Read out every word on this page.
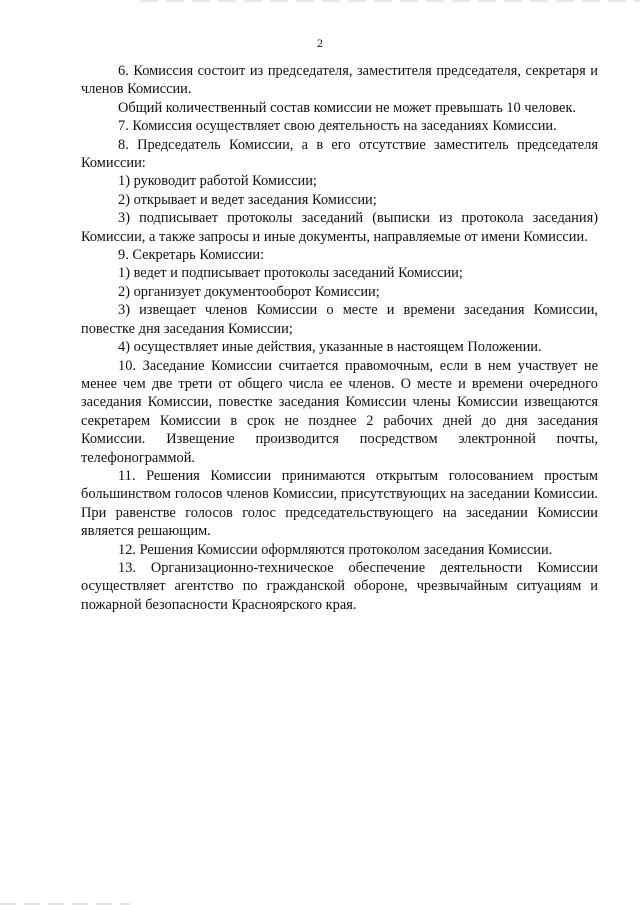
2

6. Комиссия состоит из председателя, заместителя председателя, секретаря и членов Комиссии.

Общий количественный состав комиссии не может превышать 10 человек.

7. Комиссия осуществляет свою деятельность на заседаниях Комиссии.

8. Председатель Комиссии, а в его отсутствие заместитель председателя Комиссии:

1) руководит работой Комиссии;

2) открывает и ведет заседания Комиссии;

3) подписывает протоколы заседаний (выписки из протокола заседания) Комиссии, а также запросы и иные документы, направляемые от имени Комиссии.

9. Секретарь Комиссии:

1) ведет и подписывает протоколы заседаний Комиссии;

2) организует документооборот Комиссии;

3) извещает членов Комиссии о месте и времени заседания Комиссии, повестке дня заседания Комиссии;

4) осуществляет иные действия, указанные в настоящем Положении.

10. Заседание Комиссии считается правомочным, если в нем участвует не менее чем две трети от общего числа ее членов. О месте и времени очередного заседания Комиссии, повестке заседания Комиссии члены Комиссии извещаются секретарем Комиссии в срок не позднее 2 рабочих дней до дня заседания Комиссии. Извещение производится посредством электронной почты, телефонограммой.

11. Решения Комиссии принимаются открытым голосованием простым большинством голосов членов Комиссии, присутствующих на заседании Комиссии. При равенстве голосов голос председательствующего на заседании Комиссии является решающим.

12. Решения Комиссии оформляются протоколом заседания Комиссии.

13. Организационно-техническое обеспечение деятельности Комиссии осуществляет агентство по гражданской обороне, чрезвычайным ситуациям и пожарной безопасности Красноярского края.
